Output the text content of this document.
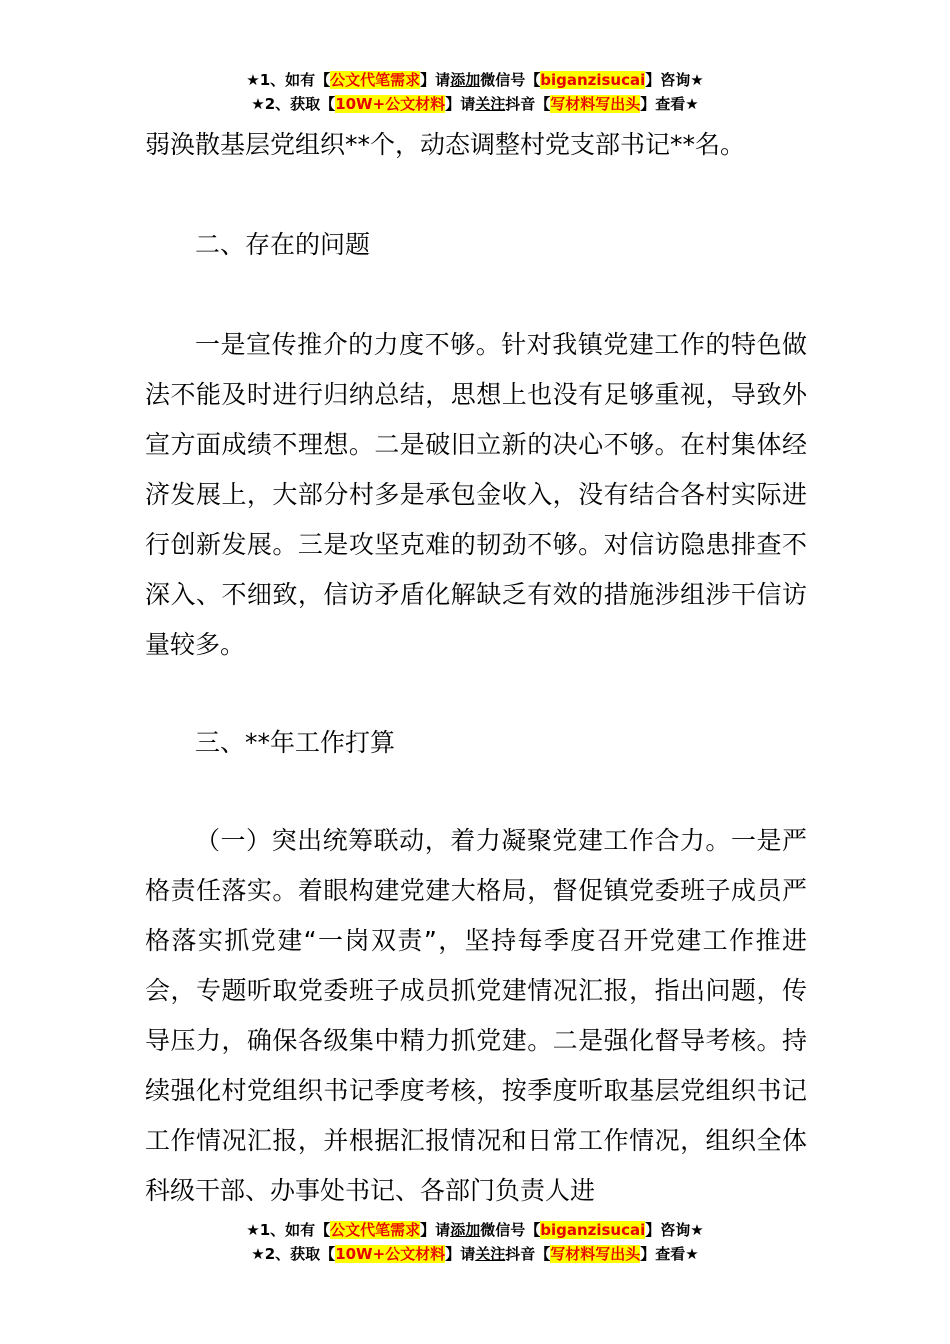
★1、如有【公文代笔需求】请添加微信号【biganzisucai】咨询★
★2、获取【10W+公文材料】请关注抖音【写材料写出头】查看★

弱涣散基层党组织**个，动态调整村党支部书记**名。

二、存在的问题

一是宣传推介的力度不够。针对我镇党建工作的特色做法不能及时进行归纳总结，思想上也没有足够重视，导致外宣方面成绩不理想。二是破旧立新的决心不够。在村集体经济发展上，大部分村多是承包金收入，没有结合各村实际进行创新发展。三是攻坚克难的韧劲不够。对信访隐患排查不深入、不细致，信访矛盾化解缺乏有效的措施涉组涉干信访量较多。

三、**年工作打算

（一）突出统筹联动，着力凝聚党建工作合力。一是严格责任落实。着眼构建党建大格局，督促镇党委班子成员严格落实抓党建“一岗双责”，坚持每季度召开党建工作推进会，专题听取党委班子成员抓党建情况汇报，指出问题，传导压力，确保各级集中精力抓党建。二是强化督导考核。持续强化村党组织书记季度考核，按季度听取基层党组织书记工作情况汇报，并根据汇报情况和日常工作情况，组织全体科级干部、办事处书记、各部门负责人进

★1、如有【公文代笔需求】请添加微信号【biganzisucai】咨询★
★2、获取【10W+公文材料】请关注抖音【写材料写出头】查看★
